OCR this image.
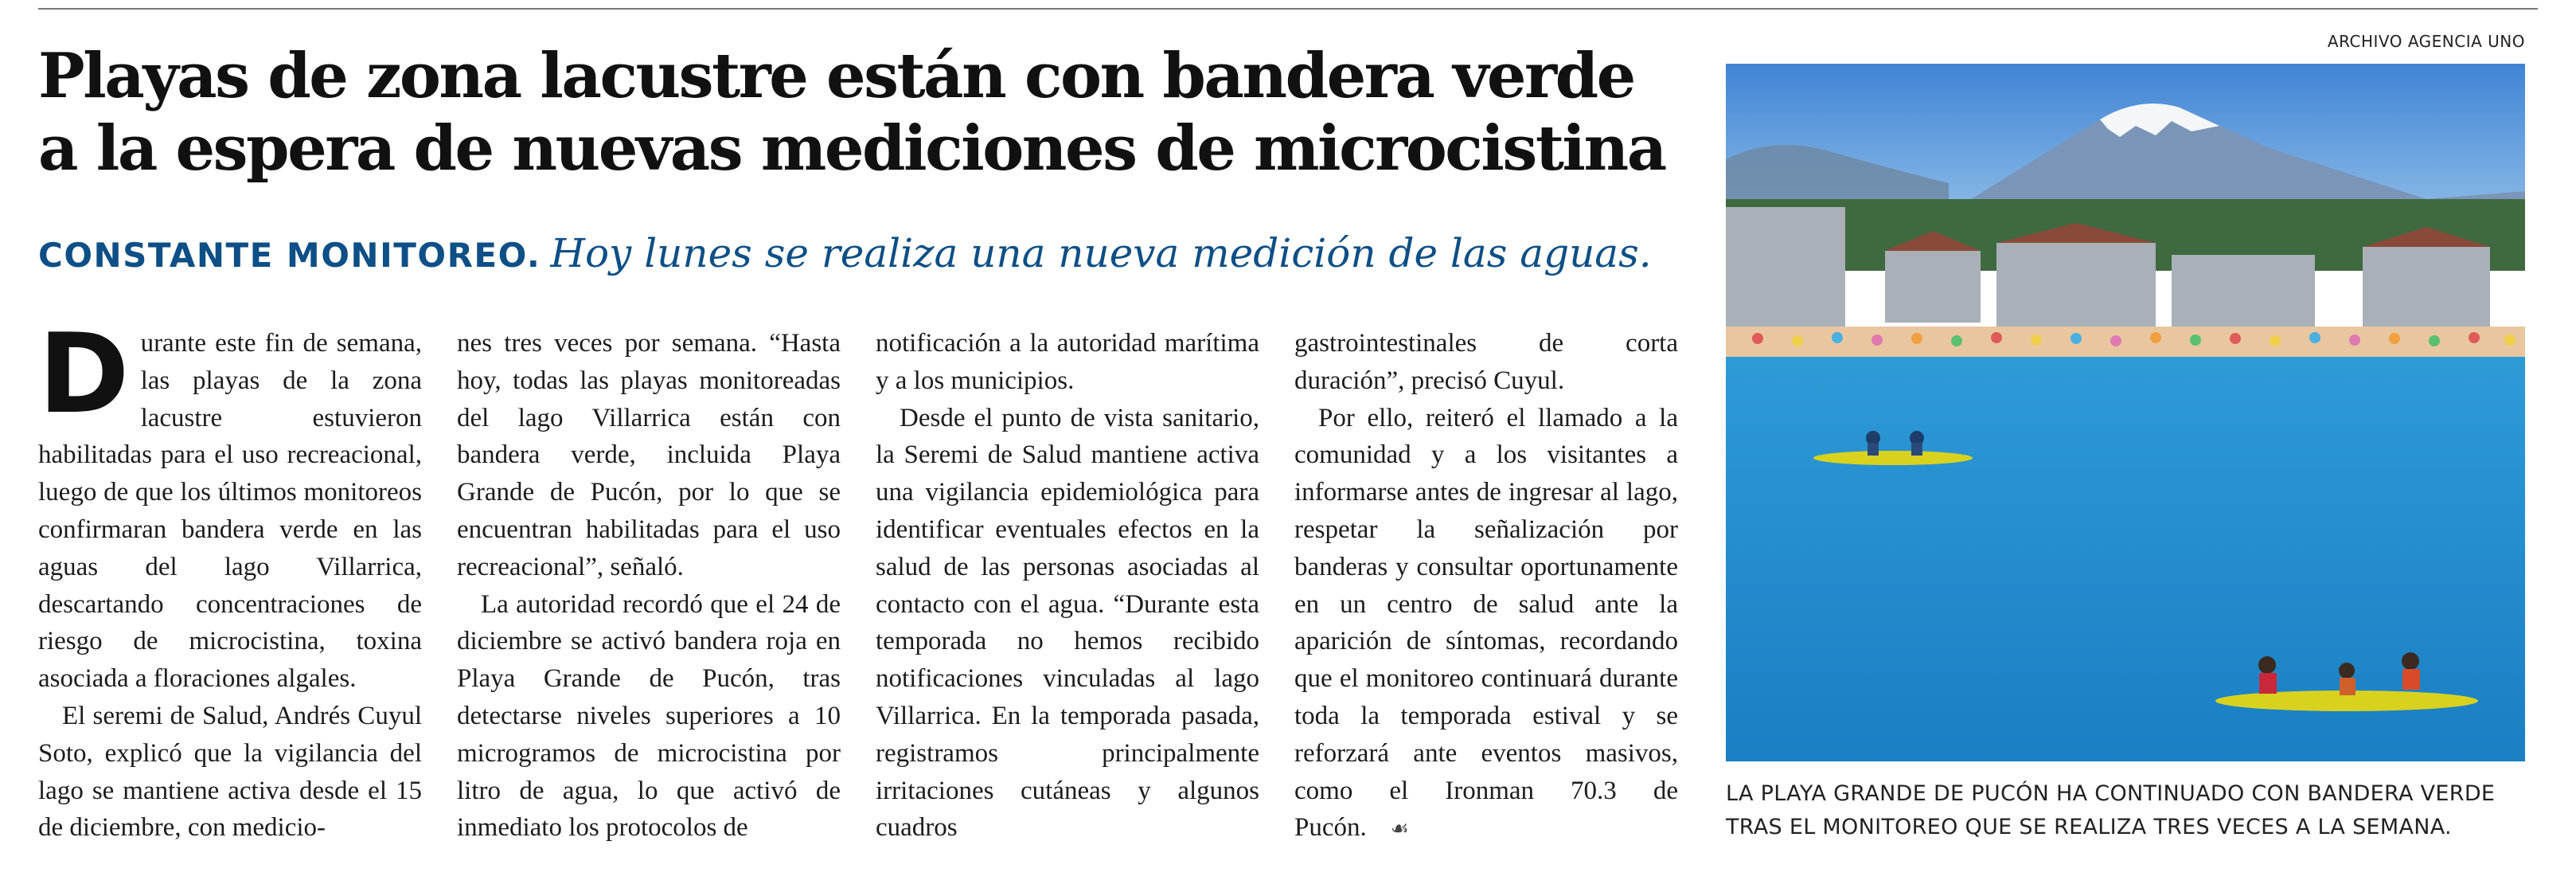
Playas de zona lacustre están con bandera verde
a la espera de nuevas mediciones de microcistina
CONSTANTE MONITOREO. Hoy lunes se realiza una nueva medición de las aguas.

Durante este fin de semana, las playas de la zona lacustre estuvieron habilitadas para el uso recreacional, luego de que los últimos monitoreos confirmaran bandera verde en las aguas del lago Villarrica, descartando concentraciones de riesgo de microcistina, toxina asociada a floraciones algales.

El seremi de Salud, Andrés Cuyul Soto, explicó que la vigilancia del lago se mantiene activa desde el 15 de diciembre, con medicio-

nes tres veces por semana. “Hasta hoy, todas las playas monitoreadas del lago Villarrica están con bandera verde, incluida Playa Grande de Pucón, por lo que se encuentran habilitadas para el uso recreacional”, señaló.

La autoridad recordó que el 24 de diciembre se activó bandera roja en Playa Grande de Pucón, tras detectarse niveles superiores a 10 microgramos de microcistina por litro de agua, lo que activó de inmediato los protocolos de

notificación a la autoridad marítima y a los municipios.

Desde el punto de vista sanitario, la Seremi de Salud mantiene activa una vigilancia epidemiológica para identificar eventuales efectos en la salud de las personas asociadas al contacto con el agua. “Durante esta temporada no hemos recibido notificaciones vinculadas al lago Villarrica. En la temporada pasada, registramos principalmente irritaciones cutáneas y algunos cuadros

gastrointestinales de corta duración”, precisó Cuyul.

Por ello, reiteró el llamado a la comunidad y a los visitantes a informarse antes de ingresar al lago, respetar la señalización por banderas y consultar oportunamente en un centro de salud ante la aparición de síntomas, recordando que el monitoreo continuará durante toda la temporada estival y se reforzará ante eventos masivos, como el Ironman 70.3 de Pucón. ☙

ARCHIVO AGENCIA UNO
LA PLAYA GRANDE DE PUCÓN HA CONTINUADO CON BANDERA VERDE TRAS EL MONITOREO QUE SE REALIZA TRES VECES A LA SEMANA.
